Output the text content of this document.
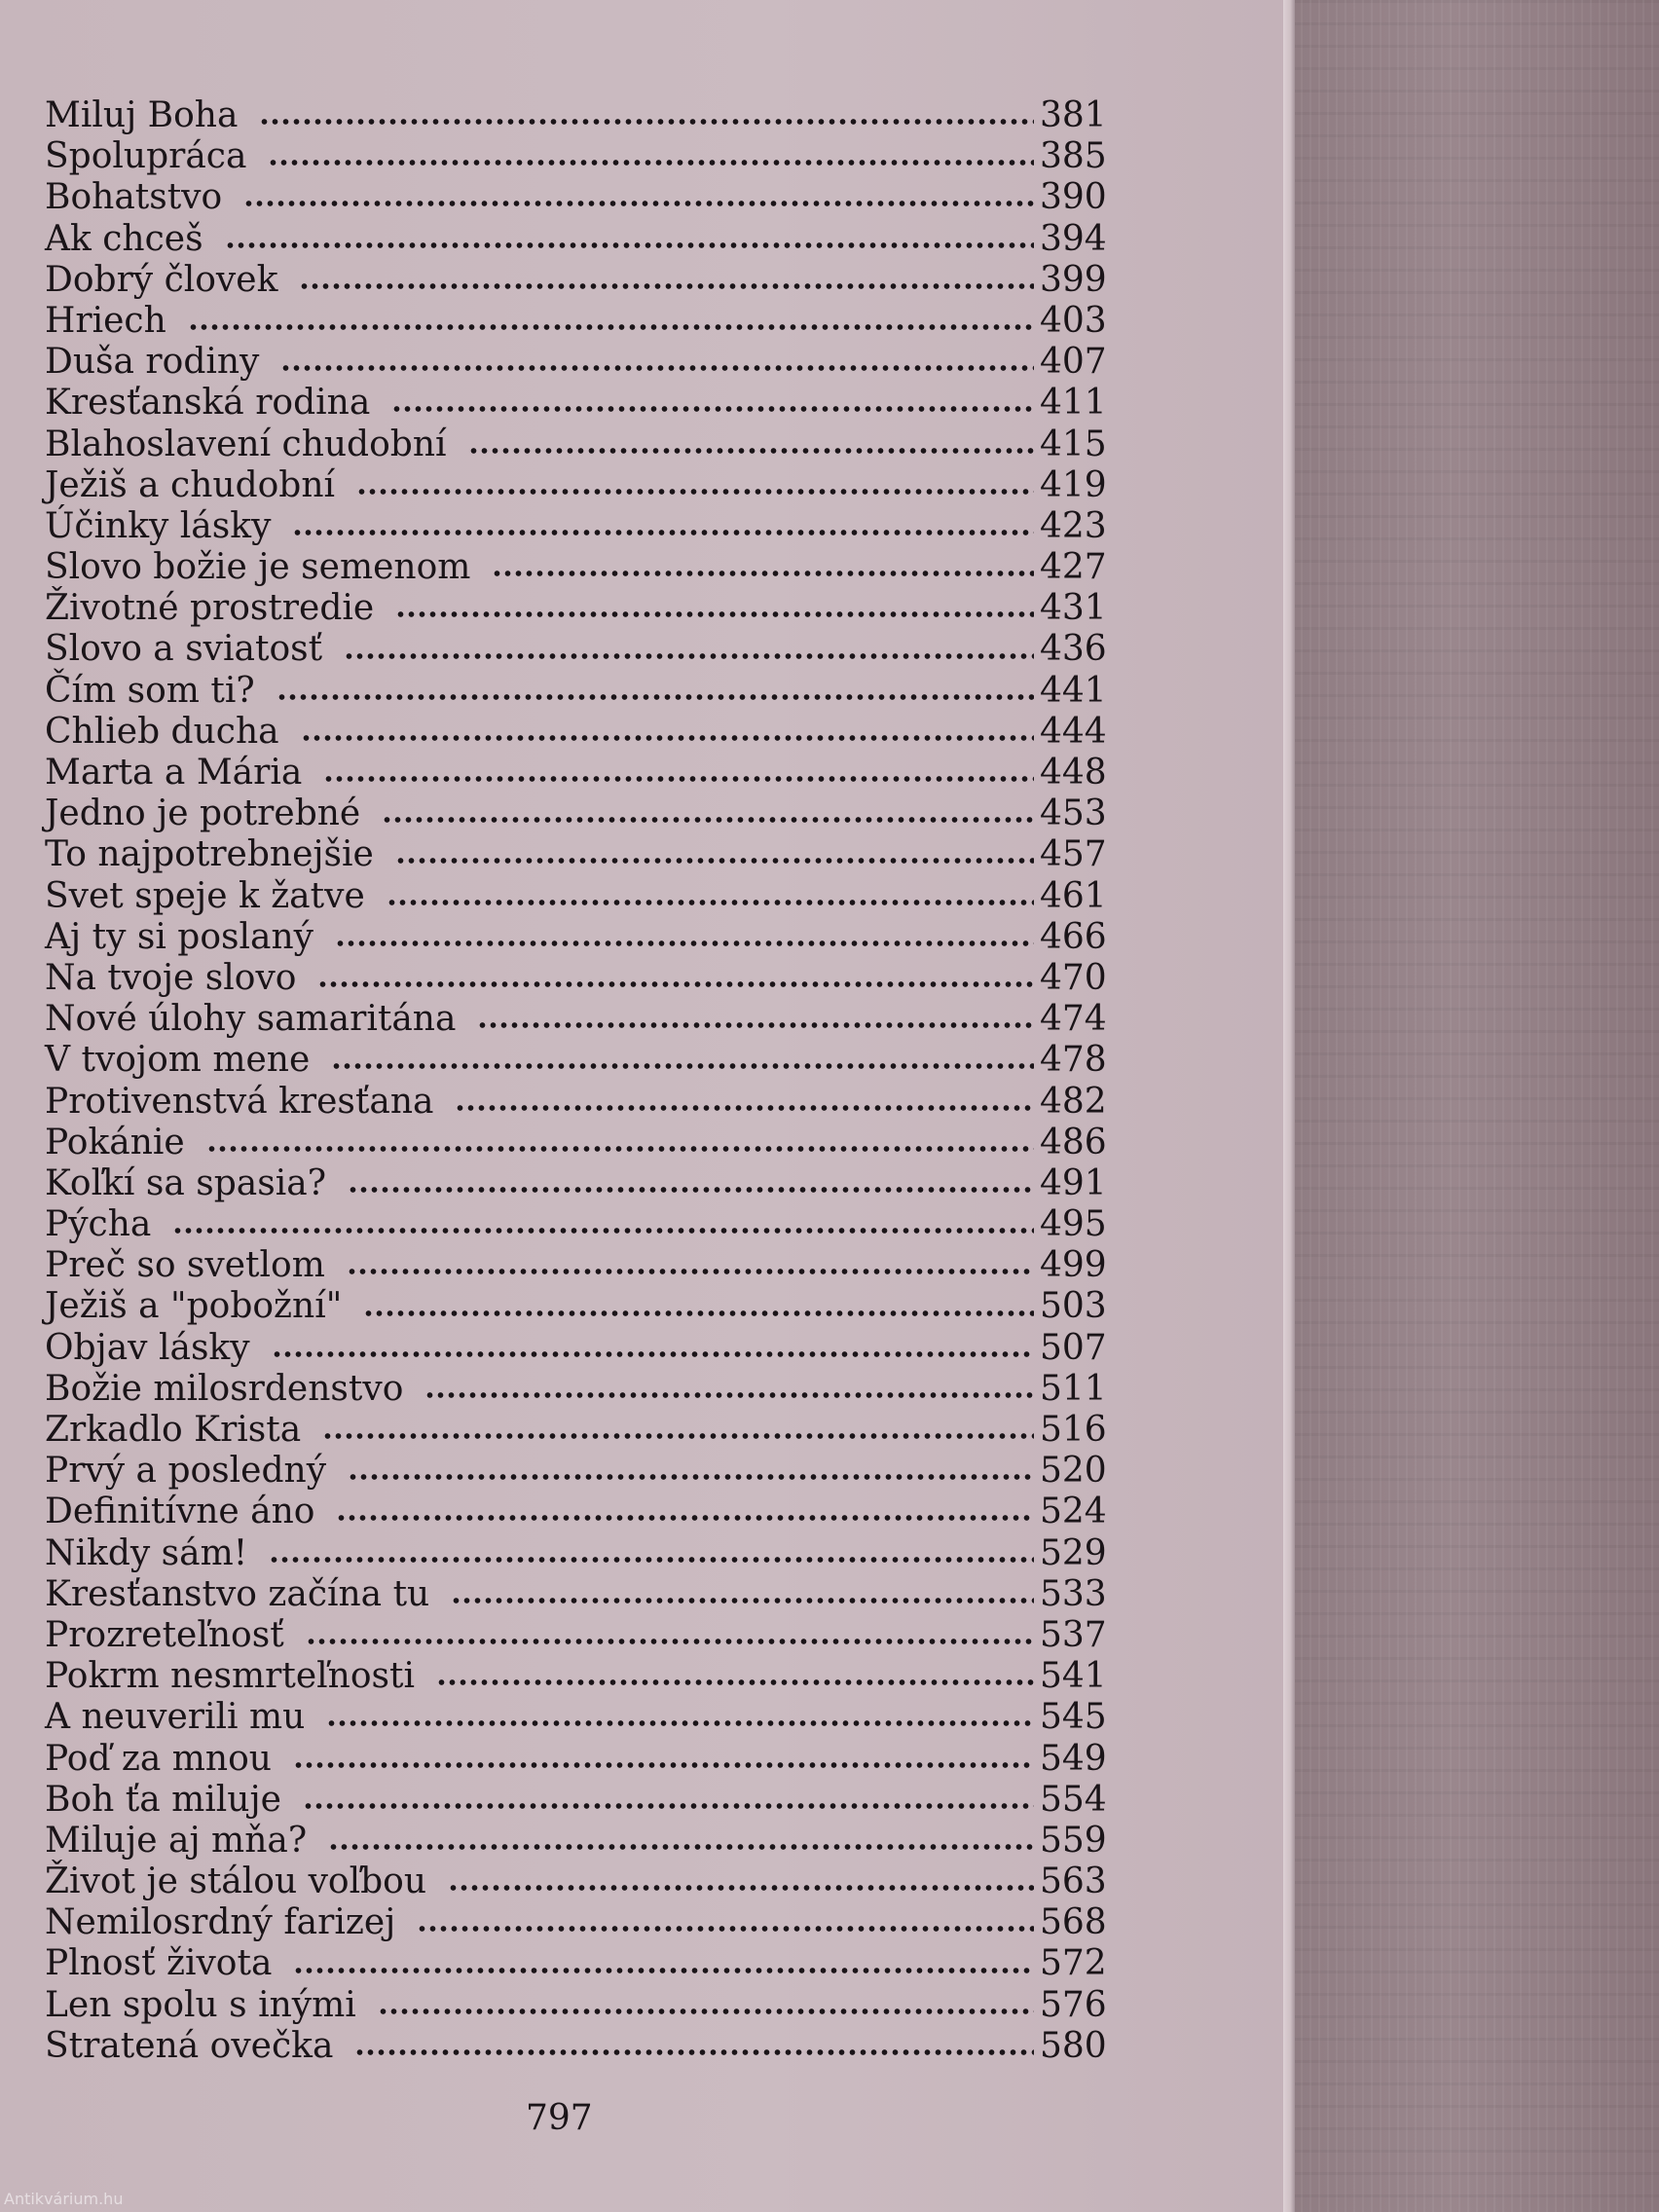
Miluj Boha	381
Spolupráca	385
Bohatstvo	390
Ak chceš	394
Dobrý človek	399
Hriech	403
Duša rodiny	407
Kresťanská rodina	411
Blahoslavení chudobní	415
Ježiš a chudobní	419
Účinky lásky	423
Slovo božie je semenom	427
Životné prostredie	431
Slovo a sviatosť	436
Čím som ti?	441
Chlieb ducha	444
Marta a Mária	448
Jedno je potrebné	453
To najpotrebnejšie	457
Svet speje k žatve	461
Aj ty si poslaný	466
Na tvoje slovo	470
Nové úlohy samaritána	474
V tvojom mene	478
Protivenstvá kresťana	482
Pokánie	486
Koľkí sa spasia?	491
Pýcha	495
Preč so svetlom	499
Ježiš a "pobožní"	503
Objav lásky	507
Božie milosrdenstvo	511
Zrkadlo Krista	516
Prvý a posledný	520
Definitívne áno	524
Nikdy sám!	529
Kresťanstvo začína tu	533
Prozreteľnosť	537
Pokrm nesmrteľnosti	541
A neuverili mu	545
Poď za mnou	549
Boh ťa miluje	554
Miluje aj mňa?	559
Život je stálou voľbou	563
Nemilosrdný farizej	568
Plnosť života	572
Len spolu s inými	576
Stratená ovečka	580
797
Antikvárium.hu
